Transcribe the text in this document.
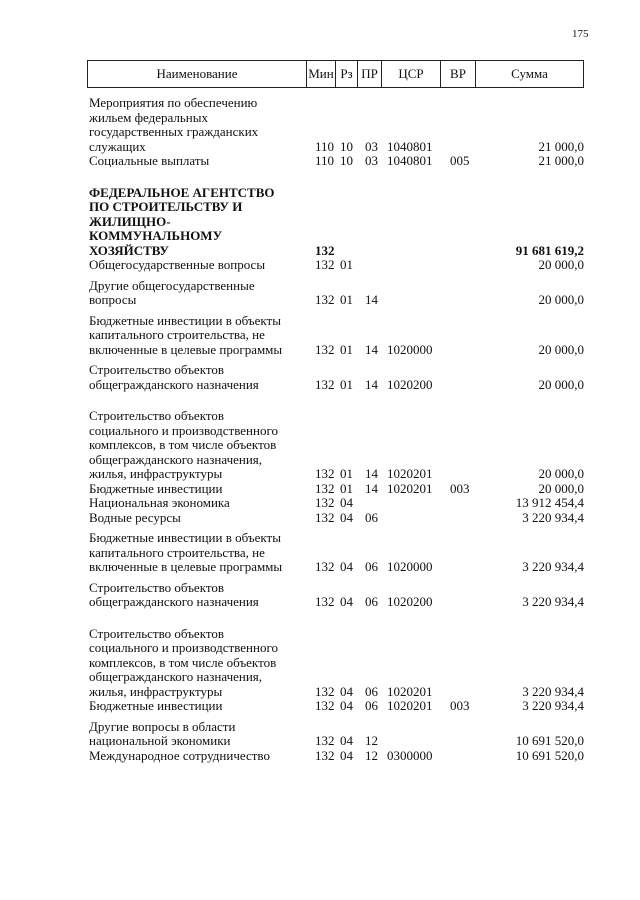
175
Наименование	Мин Рз ПР	ЦСР	ВР	Сумма
Мероприятия по обеспечению
жильем федеральных
государственных гражданских
служащих	110 10 03 1040801	21 000,0
Социальные выплаты	110 10 03 1040801	005	21 000,0
ФЕДЕРАЛЬНОЕ АГЕНТСТВО
ПО СТРОИТЕЛЬСТВУ И
ЖИЛИЩНО-
КОММУНАЛЬНОМУ
ХОЗЯЙСТВУ	132	91 681 619,2
Общегосударственные вопросы	132 01	20 000,0
Другие общегосударственные
вопросы	132 01 14	20 000,0
Бюджетные инвестиции в объекты
капитального строительства, не
включенные в целевые программы	132 01 14 1020000	20 000,0
Строительство объектов
общегражданского назначения	132 01 14 1020200	20 000,0
Строительство объектов
социального и производственного
комплексов, в том числе объектов
общегражданского назначения,
жилья, инфраструктуры	132 01 14 1020201	20 000,0
Бюджетные инвестиции	132 01 14 1020201	003	20 000,0
Национальная экономика	132 04	13 912 454,4
Водные ресурсы	132 04 06	3 220 934,4
Бюджетные инвестиции в объекты
капитального строительства, не
включенные в целевые программы	132 04 06 1020000	3 220 934,4
Строительство объектов
общегражданского назначения	132 04 06 1020200	3 220 934,4
Строительство объектов
социального и производственного
комплексов, в том числе объектов
общегражданского назначения,
жилья, инфраструктуры	132 04 06 1020201	3 220 934,4
Бюджетные инвестиции	132 04 06 1020201	003	3 220 934,4
Другие вопросы в области
национальной экономики	132 04 12	10 691 520,0
Международное сотрудничество	132 04 12 0300000	10 691 520,0
